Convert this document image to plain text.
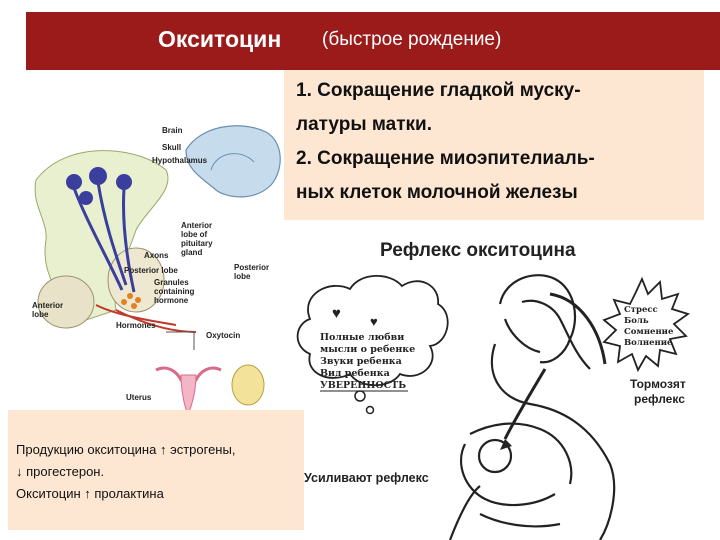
Окситоцин (быстрое рождение)
1. Сокращение гладкой муску-
латуры матки.
2. Сокращение миоэпителиаль-
ных клеток молочной железы
Brain
Skull
Hypothalamus
Anterior
lobe of
pituitary
gland
Axons
Posterior lobe
Granules
containing
hormone
Posterior
lobe
Anterior
lobe
Hormones
Oxytocin
Uterus
Рефлекс окситоцина
♥ ♥
Полные любви
мысли о ребенке
Звуки ребенка
Вид ребенка
УВЕРЕННОСТЬ
Стресс
Боль
Сомнение
Волнение
Тормозят
рефлекс
Усиливают рефлекс
Продукцию окситоцина ↑ эстрогены,
↓ прогестерон.
Окситоцин ↑ пролактина
